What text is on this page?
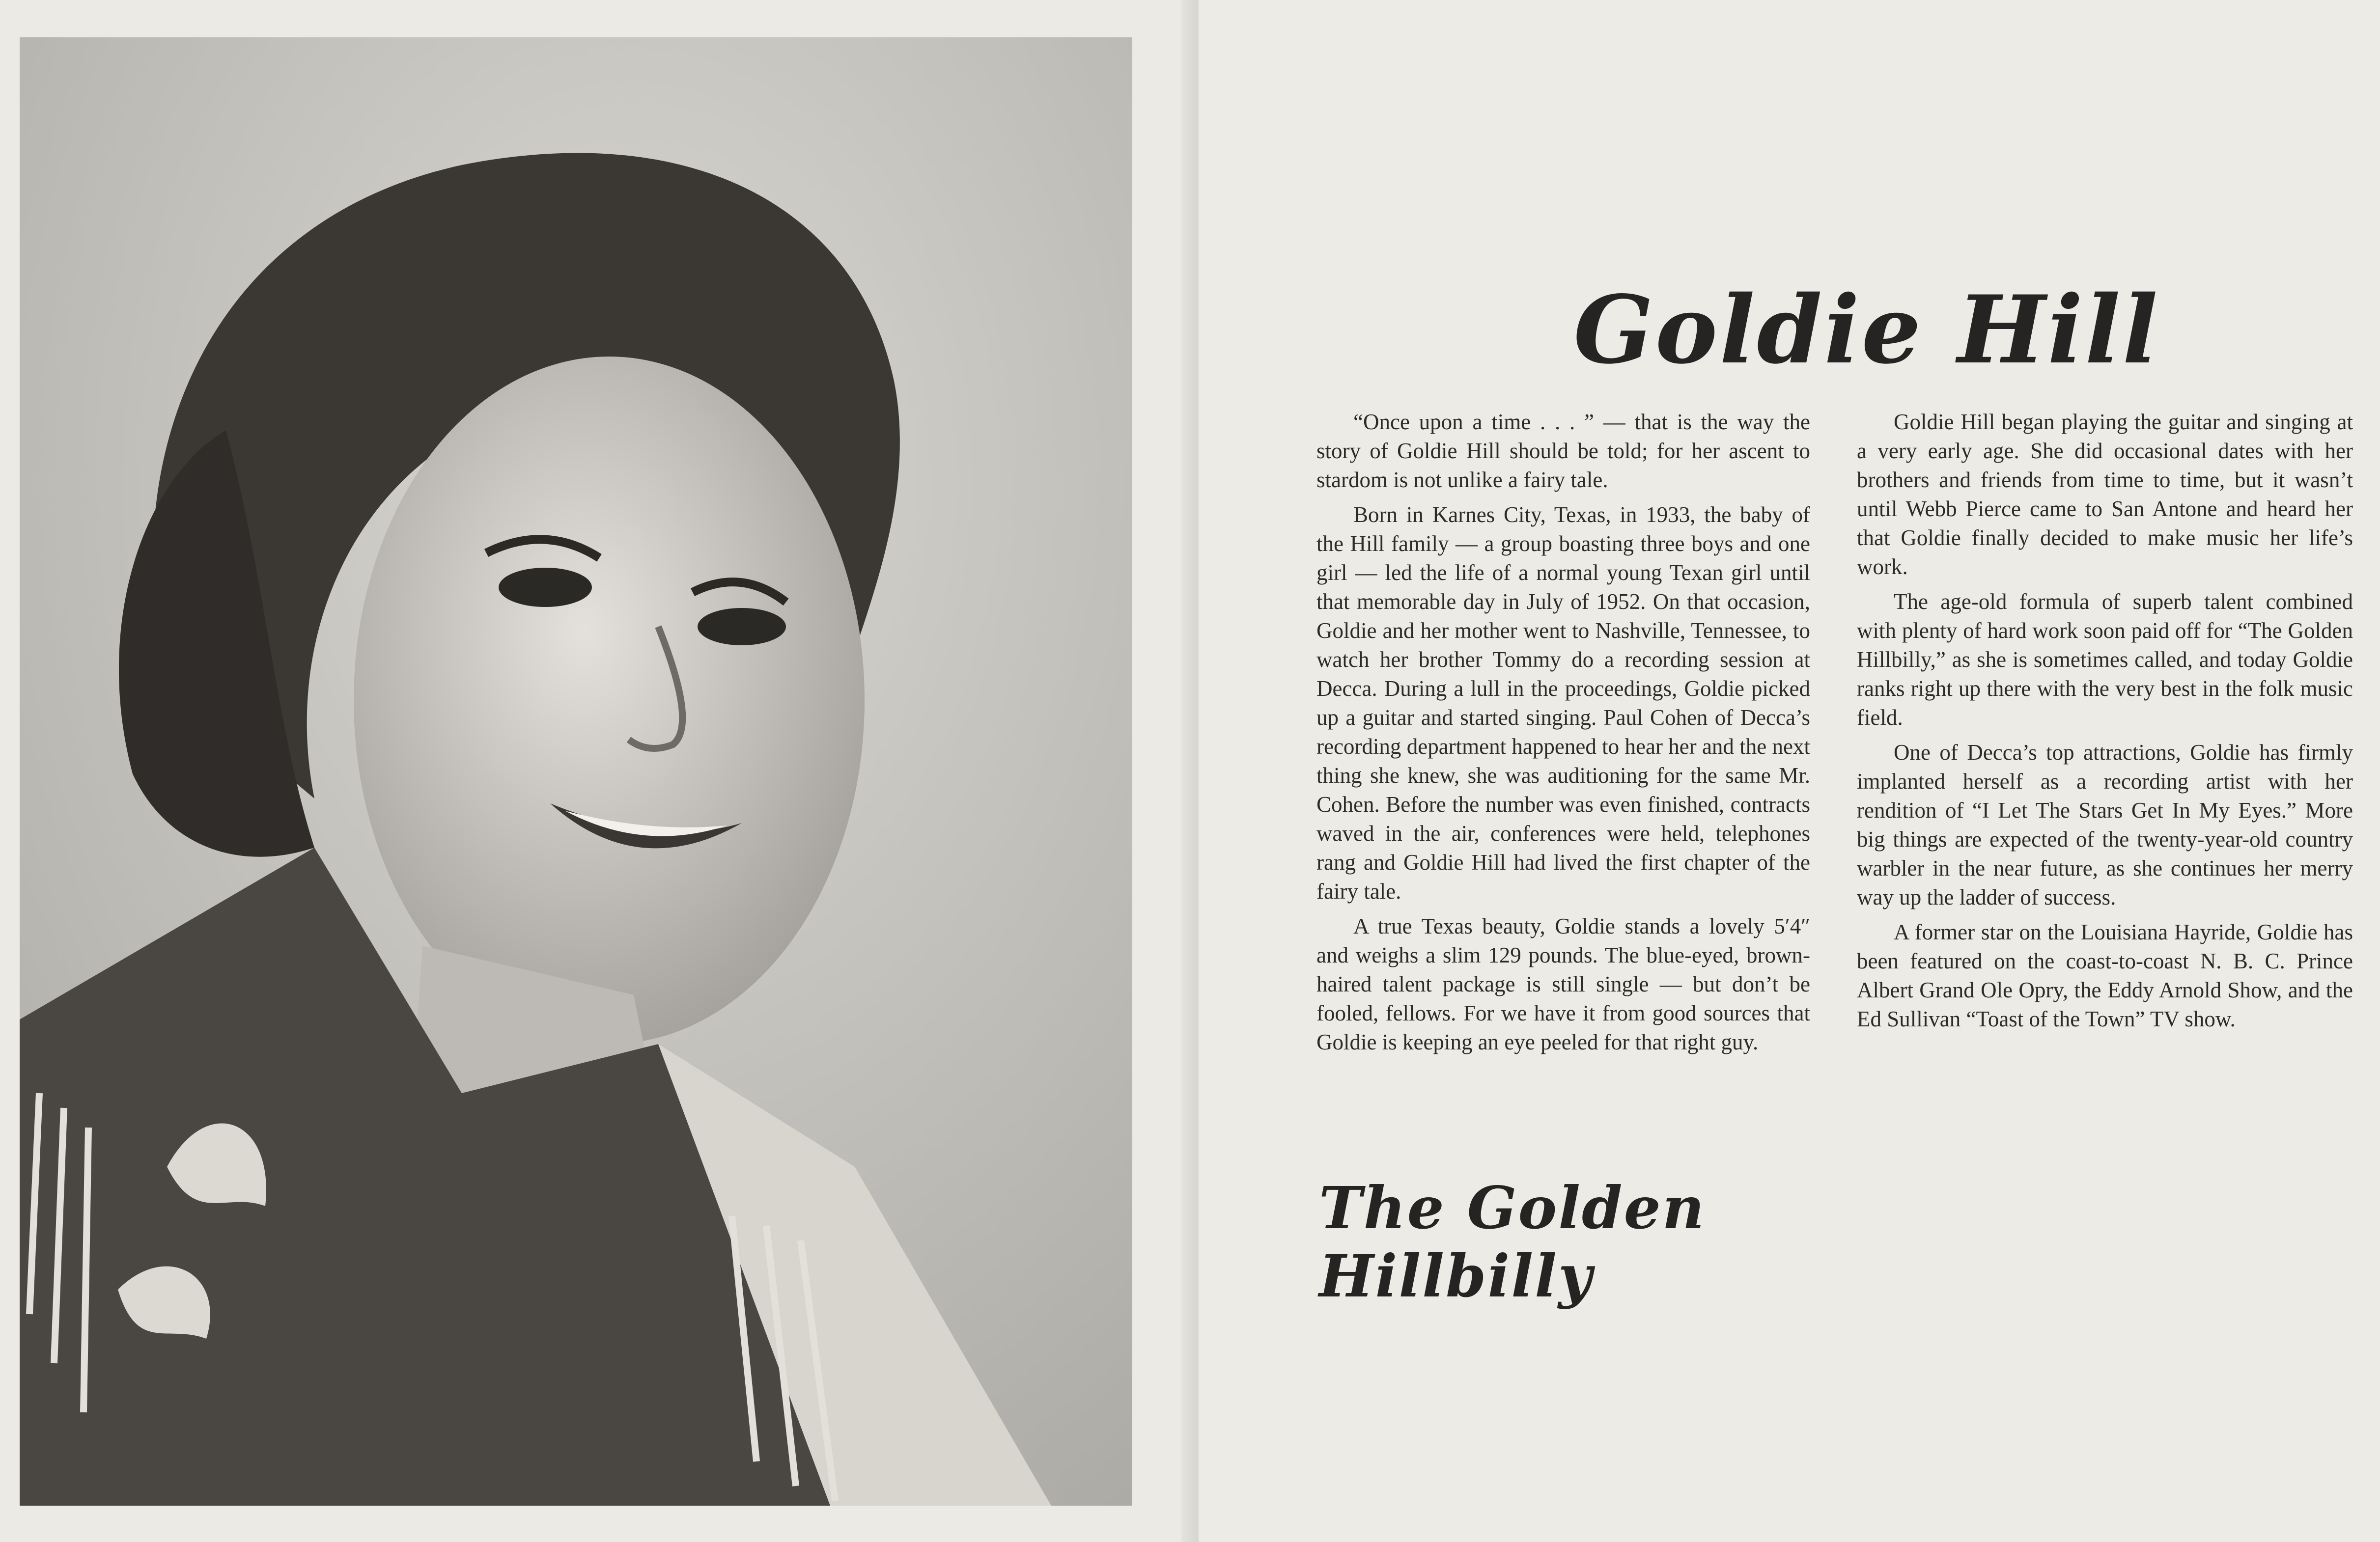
Goldie Hill

“Once upon a time . . . ” — that is the way the story of Goldie Hill should be told; for her ascent to stardom is not unlike a fairy tale.

Born in Karnes City, Texas, in 1933, the baby of the Hill family — a group boasting three boys and one girl — led the life of a normal young Texan girl until that memorable day in July of 1952. On that occasion, Goldie and her mother went to Nashville, Tennessee, to watch her brother Tommy do a recording session at Decca. During a lull in the proceedings, Goldie picked up a guitar and started singing. Paul Cohen of Decca’s recording department happened to hear her and the next thing she knew, she was auditioning for the same Mr. Cohen. Before the number was even finished, contracts waved in the air, conferences were held, telephones rang and Goldie Hill had lived the first chapter of the fairy tale.

A true Texas beauty, Goldie stands a lovely 5′4″ and weighs a slim 129 pounds. The blue-eyed, brown-haired talent package is still single — but don’t be fooled, fellows. For we have it from good sources that Goldie is keeping an eye peeled for that right guy.

Goldie Hill began playing the guitar and singing at a very early age. She did occasional dates with her brothers and friends from time to time, but it wasn’t until Webb Pierce came to San Antone and heard her that Goldie finally decided to make music her life’s work.

The age-old formula of superb talent combined with plenty of hard work soon paid off for “The Golden Hillbilly,” as she is sometimes called, and today Goldie ranks right up there with the very best in the folk music field.

One of Decca’s top attractions, Goldie has firmly implanted herself as a recording artist with her rendition of “I Let The Stars Get In My Eyes.” More big things are expected of the twenty-year-old country warbler in the near future, as she continues her merry way up the ladder of success.

A former star on the Louisiana Hayride, Goldie has been featured on the coast-to-coast N. B. C. Prince Albert Grand Ole Opry, the Eddy Arnold Show, and the Ed Sullivan “Toast of the Town” TV show.

The Golden Hillbilly
